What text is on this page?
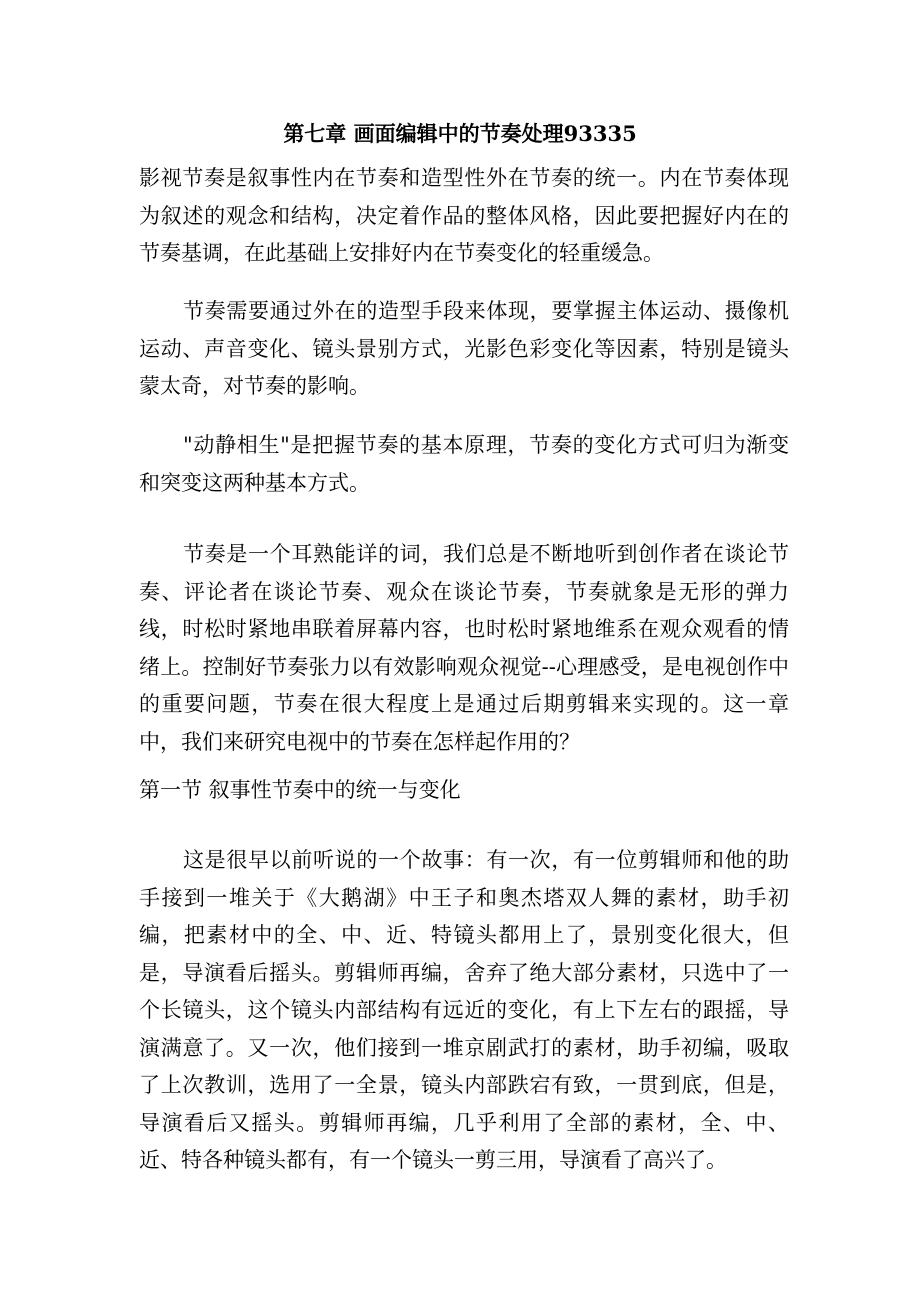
第七章 画面编辑中的节奏处理93335

影视节奏是叙事性内在节奏和造型性外在节奏的统一。内在节奏体现为叙述的观念和结构，决定着作品的整体风格，因此要把握好内在的节奏基调，在此基础上安排好内在节奏变化的轻重缓急。

节奏需要通过外在的造型手段来体现，要掌握主体运动、摄像机运动、声音变化、镜头景别方式，光影色彩变化等因素，特别是镜头蒙太奇，对节奏的影响。

"动静相生"是把握节奏的基本原理，节奏的变化方式可归为渐变和突变这两种基本方式。

节奏是一个耳熟能详的词，我们总是不断地听到创作者在谈论节奏、评论者在谈论节奏、观众在谈论节奏，节奏就象是无形的弹力线，时松时紧地串联着屏幕内容，也时松时紧地维系在观众观看的情绪上。控制好节奏张力以有效影响观众视觉--心理感受，是电视创作中的重要问题，节奏在很大程度上是通过后期剪辑来实现的。这一章中，我们来研究电视中的节奏在怎样起作用的？

第一节 叙事性节奏中的统一与变化

这是很早以前听说的一个故事：有一次，有一位剪辑师和他的助手接到一堆关于《大鹅湖》中王子和奥杰塔双人舞的素材，助手初编，把素材中的全、中、近、特镜头都用上了，景别变化很大，但是，导演看后摇头。剪辑师再编，舍弃了绝大部分素材，只选中了一个长镜头，这个镜头内部结构有远近的变化，有上下左右的跟摇，导演满意了。又一次，他们接到一堆京剧武打的素材，助手初编，吸取了上次教训，选用了一全景，镜头内部跌宕有致，一贯到底，但是，导演看后又摇头。剪辑师再编，几乎利用了全部的素材，全、中、近、特各种镜头都有，有一个镜头一剪三用，导演看了高兴了。
